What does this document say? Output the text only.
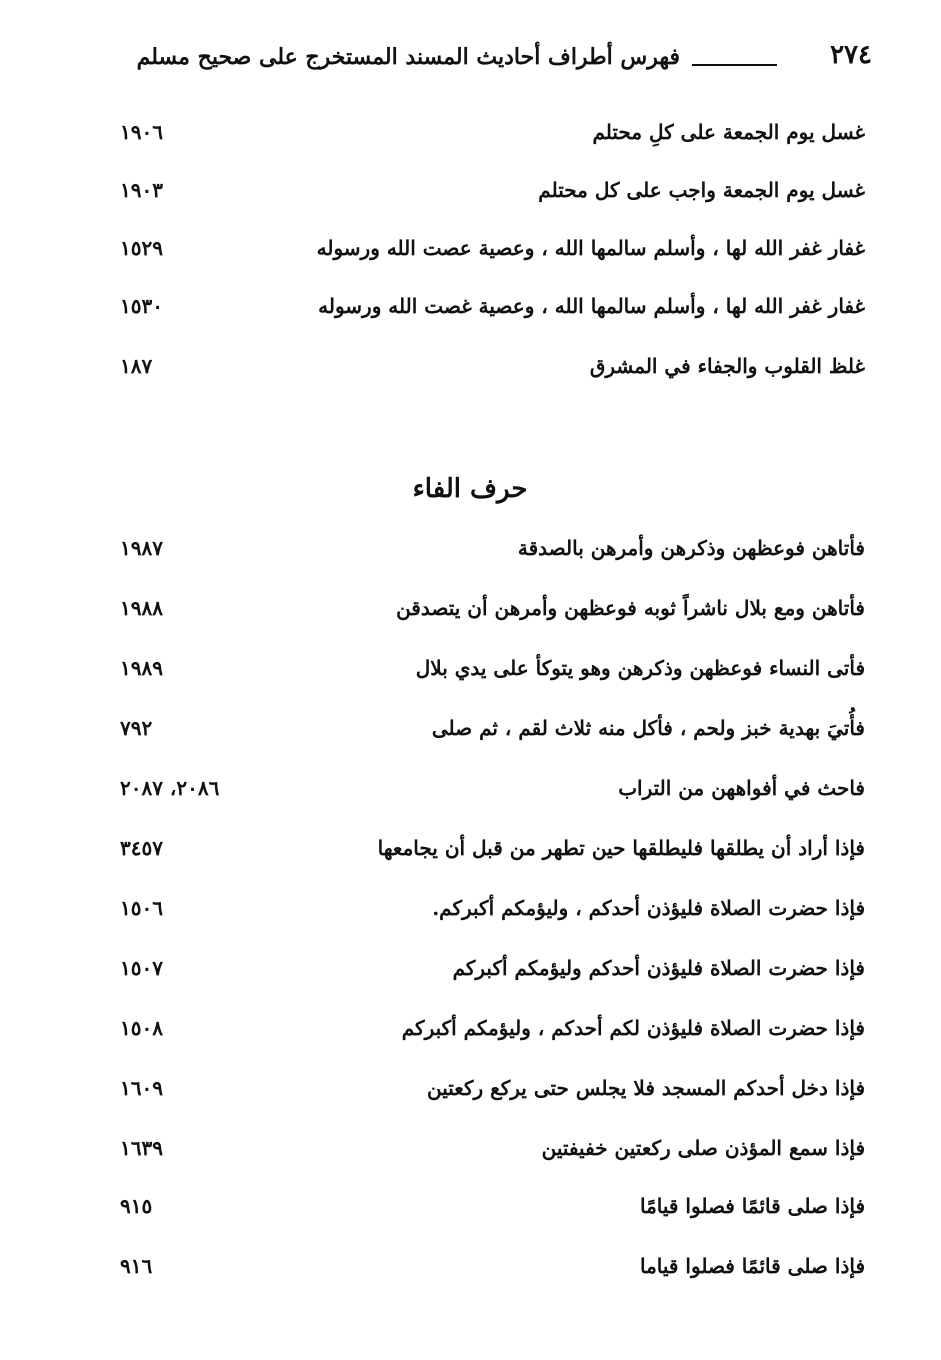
٢٧٤
فهرس أطراف أحاديث المسند المستخرج على صحيح مسلم
غسل يوم الجمعة على كلِ محتلم
١٩٠٦
غسل يوم الجمعة واجب على كل محتلم
١٩٠٣
غفار غفر الله لها ، وأسلم سالمها الله ، وعصية عصت الله ورسوله
١٥٢٩
غفار غفر الله لها ، وأسلم سالمها الله ، وعصية غصت الله ورسوله
١٥٣٠
غلظ القلوب والجفاء في المشرق
١٨٧
حرف الفاء
فأتاهن فوعظهن وذكرهن وأمرهن بالصدقة
١٩٨٧
فأتاهن ومع بلال ناشراً ثوبه فوعظهن وأمرهن أن يتصدقن
١٩٨٨
فأتى النساء فوعظهن وذكرهن وهو يتوكأ على يدي بلال
١٩٨٩
فأُتيَ بهدية خبز ولحم ، فأكل منه ثلاث لقم ، ثم صلى
٧٩٢
فاحث في أفواههن من التراب
٢٠٨٦، ٢٠٨٧
فإذا أراد أن يطلقها فليطلقها حين تطهر من قبل أن يجامعها
٣٤٥٧
فإذا حضرت الصلاة فليؤذن أحدكم ، وليؤمكم أكبركم.
١٥٠٦
فإذا حضرت الصلاة فليؤذن أحدكم وليؤمكم أكبركم
١٥٠٧
فإذا حضرت الصلاة فليؤذن لكم أحدكم ، وليؤمكم أكبركم
١٥٠٨
فإذا دخل أحدكم المسجد فلا يجلس حتى يركع ركعتين
١٦٠٩
فإذا سمع المؤذن صلى ركعتين خفيفتين
١٦٣٩
فإذا صلى قائمًا فصلوا قيامًا
٩١٥
فإذا صلى قائمًا فصلوا قياما
٩١٦
